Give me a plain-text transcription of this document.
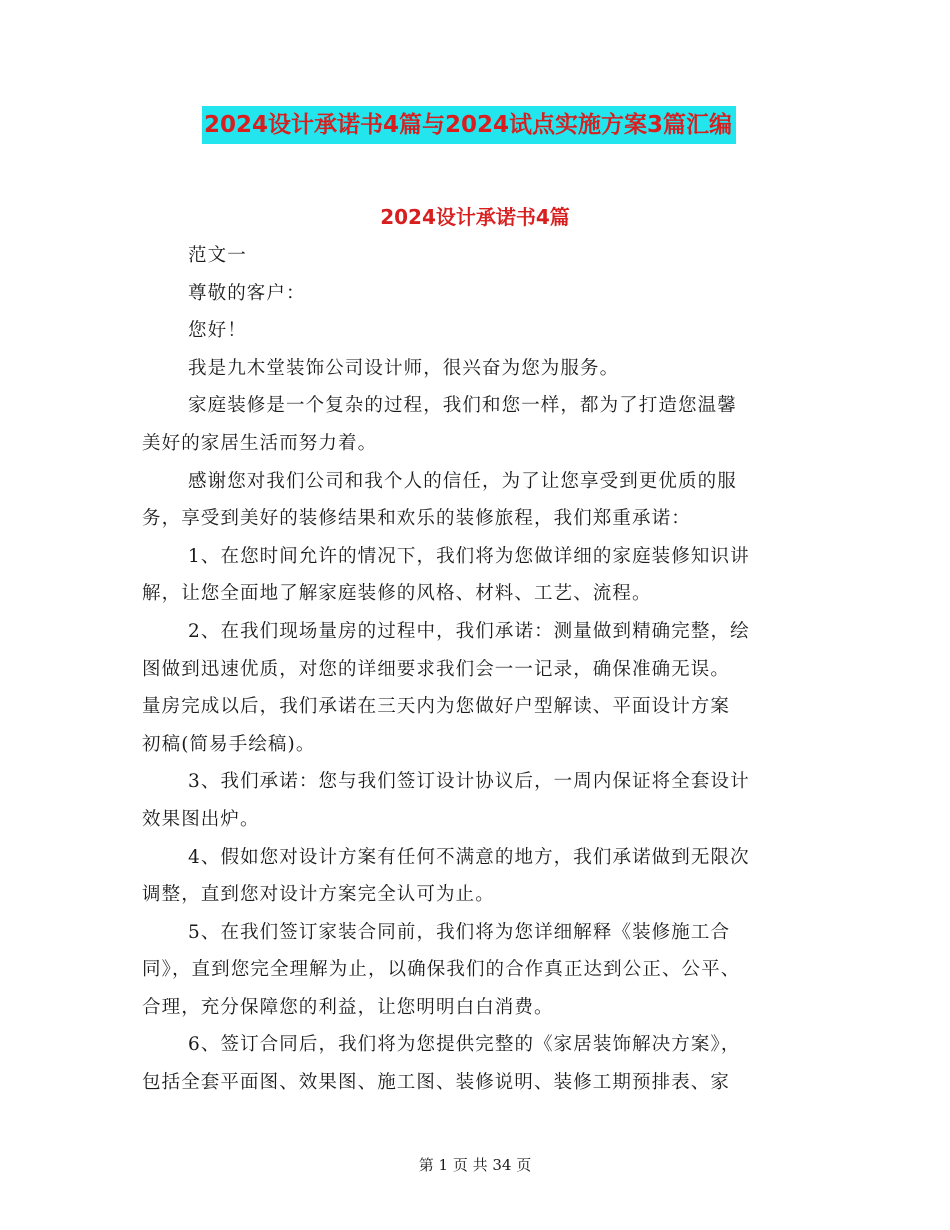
2024设计承诺书4篇与2024试点实施方案3篇汇编
2024设计承诺书4篇
范文一
尊敬的客户：
您好！
我是九木堂装饰公司设计师，很兴奋为您为服务。
家庭装修是一个复杂的过程，我们和您一样，都为了打造您温馨
美好的家居生活而努力着。
感谢您对我们公司和我个人的信任，为了让您享受到更优质的服
务，享受到美好的装修结果和欢乐的装修旅程，我们郑重承诺：
1、在您时间允许的情况下，我们将为您做详细的家庭装修知识讲
解，让您全面地了解家庭装修的风格、材料、工艺、流程。
2、在我们现场量房的过程中，我们承诺：测量做到精确完整，绘
图做到迅速优质，对您的详细要求我们会一一记录，确保准确无误。
量房完成以后，我们承诺在三天内为您做好户型解读、平面设计方案
初稿(简易手绘稿)。
3、我们承诺：您与我们签订设计协议后，一周内保证将全套设计
效果图出炉。
4、假如您对设计方案有任何不满意的地方，我们承诺做到无限次
调整，直到您对设计方案完全认可为止。
5、在我们签订家装合同前，我们将为您详细解释《装修施工合
同》，直到您完全理解为止，以确保我们的合作真正达到公正、公平、
合理，充分保障您的利益，让您明明白白消费。
6、签订合同后，我们将为您提供完整的《家居装饰解决方案》，
包括全套平面图、效果图、施工图、装修说明、装修工期预排表、家
第 1 页 共 34 页
